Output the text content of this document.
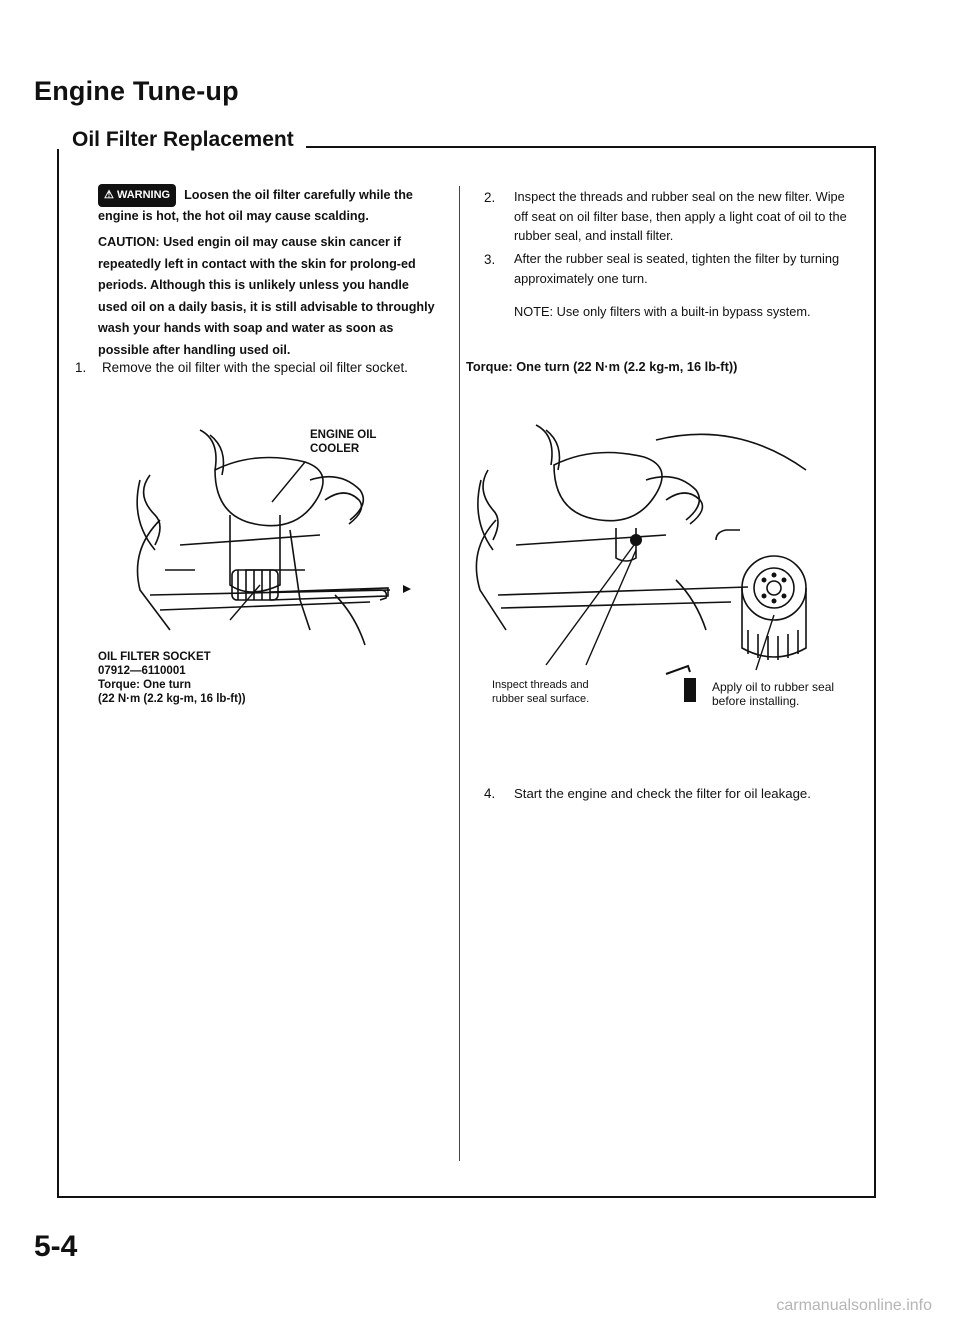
Engine Tune-up
Oil Filter Replacement

⚠ WARNING Loosen the oil filter carefully while the engine is hot, the hot oil may cause scalding.

CAUTION: Used engin oil may cause skin cancer if repeatedly left in contact with the skin for prolong-ed periods. Although this is unlikely unless you handle used oil on a daily basis, it is still advisable to throughly wash your hands with soap and water as soon as possible after handling used oil.

1. Remove the oil filter with the special oil filter socket.

ENGINE OIL
COOLER

OIL FILTER SOCKET
07912—6110001
Torque: One turn
(22 N·m (2.2 kg-m, 16 lb-ft))

2. Inspect the threads and rubber seal on the new filter. Wipe off seat on oil filter base, then apply a light coat of oil to the rubber seal, and install filter.

3. After the rubber seal is seated, tighten the filter by turning approximately one turn.

NOTE: Use only filters with a built-in bypass system.

Torque: One turn (22 N·m (2.2 kg-m, 16 lb-ft))

Inspect threads and
rubber seal surface.

Apply oil to rubber seal
before installing.

4. Start the engine and check the filter for oil leakage.

5-4

carmanualsonline.info
